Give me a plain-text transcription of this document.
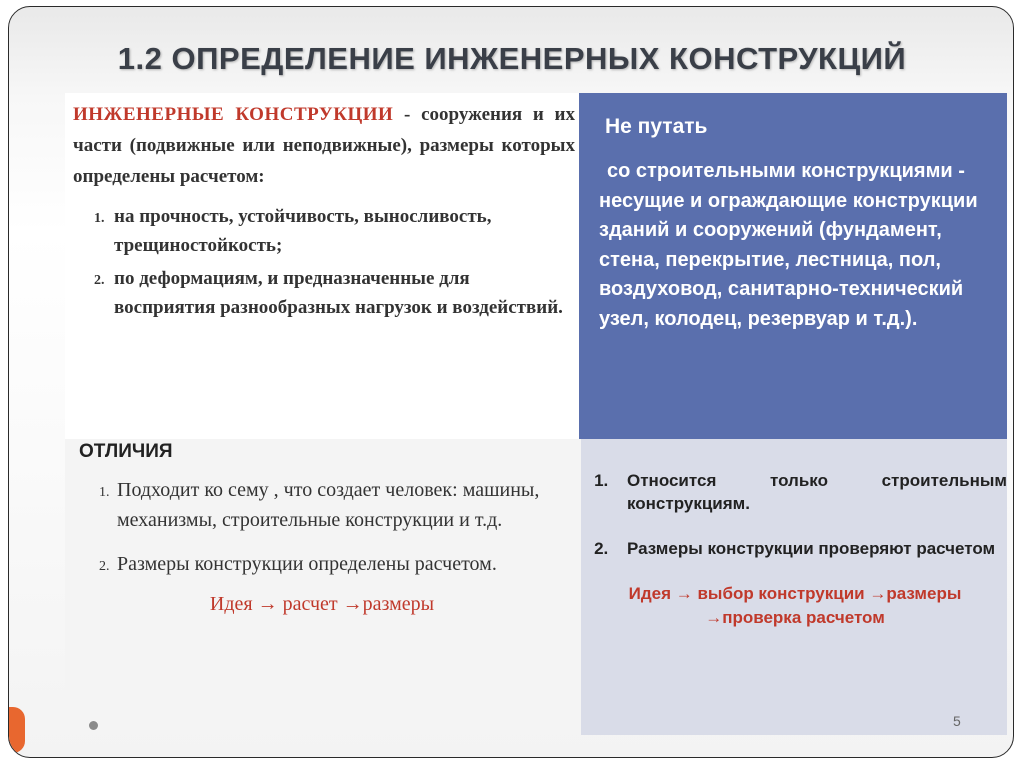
1.2 ОПРЕДЕЛЕНИЕ ИНЖЕНЕРНЫХ КОНСТРУКЦИЙ

ИНЖЕНЕРНЫЕ КОНСТРУКЦИИ - сооружения и их части (подвижные или неподвижные), размеры которых определены расчетом:

1. на прочность, устойчивость, выносливость, трещиностойкость;
2. по деформациям, и предназначенные для восприятия разнообразных нагрузок и воздействий.

Не путать

со строительными конструкциями - несущие и ограждающие конструкции зданий и сооружений (фундамент, стена, перекрытие, лестница, пол, воздуховод, санитарно-технический узел, колодец, резервуар и т.д.).

ОТЛИЧИЯ

1. Подходит ко сему , что создает человек: машины, механизмы, строительные конструкции и т.д.
2. Размеры конструкции определены расчетом.
Идея → расчет →размеры
1. Относится только строительным конструкциям.
2. Размеры конструкции проверяют расчетом
Идея → выбор конструкции →размеры
→проверка расчетом
5
